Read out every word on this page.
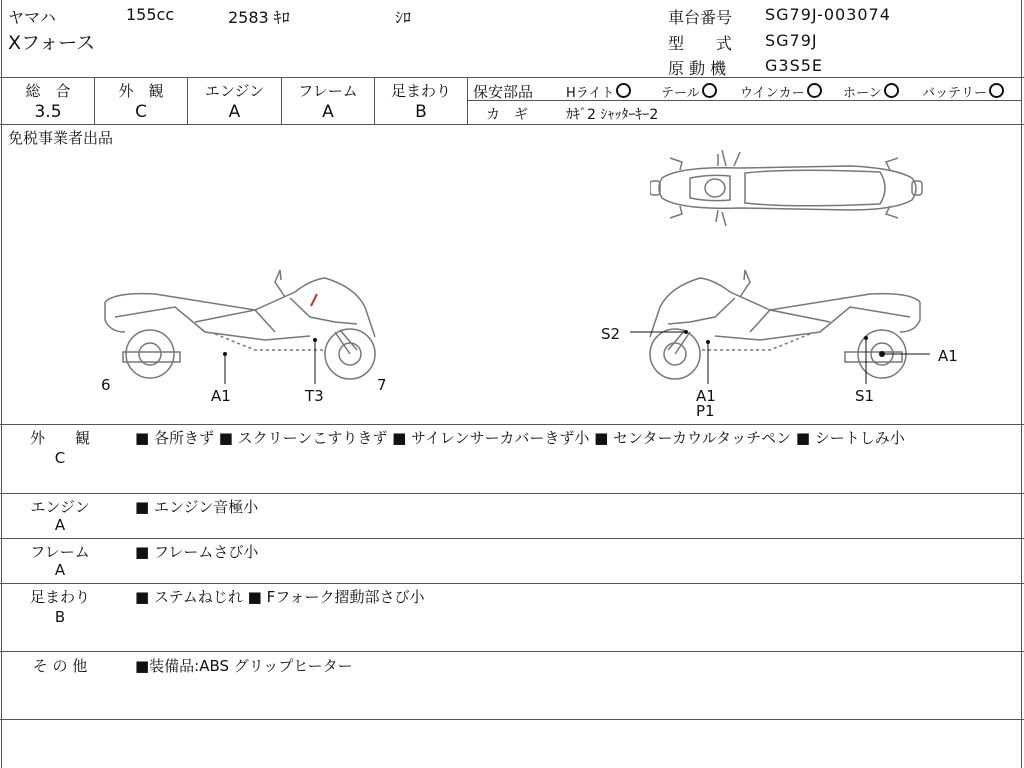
ヤマハ	155cc	2583 ｷﾛ	ｼﾛ
Xフォース
車台番号 SG79J-003074
型　　式 SG79J
原 動 機 G3S5E
総　合
3.5
外　観
C
エンジン
A
フレーム
A
足まわり
B
保安部品	Hライト	テール	ウインカー	ホーン	バッテリー
カ　ギ	ｶｷﾞ2 ｼｬｯﾀｰｷｰ2
免税事業者出品
6	7
A1	T3
S2
A1
P1
S1
A1
外　　観
C
■ 各所きず ■ スクリーンこすりきず ■ サイレンサーカバーきず小 ■ センターカウルタッチペン ■ シートしみ小
エンジン
A
■ エンジン音極小
フレーム
A
■ フレームさび小
足まわり
B
■ ステムねじれ ■ Fフォーク摺動部さび小
そ の 他	■装備品:ABS グリップヒーター
